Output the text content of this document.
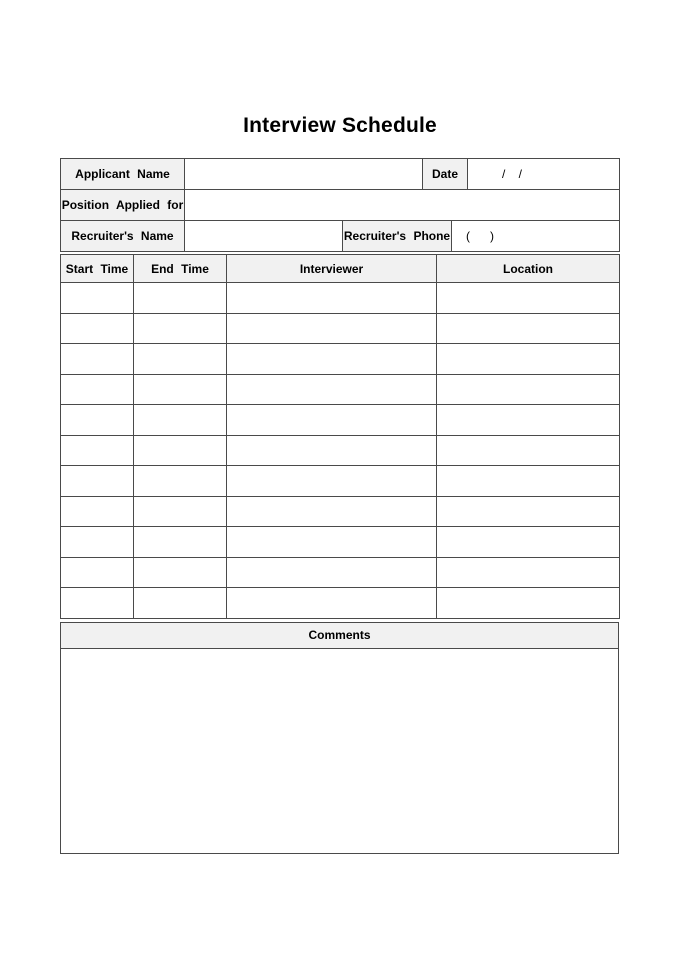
Interview Schedule
Applicant Name			Date		/    /
Position Applied for					
Recruiter's Name		Recruiter's Phone		(      )	
Start Time	End Time	Interviewer	Location

Comments
